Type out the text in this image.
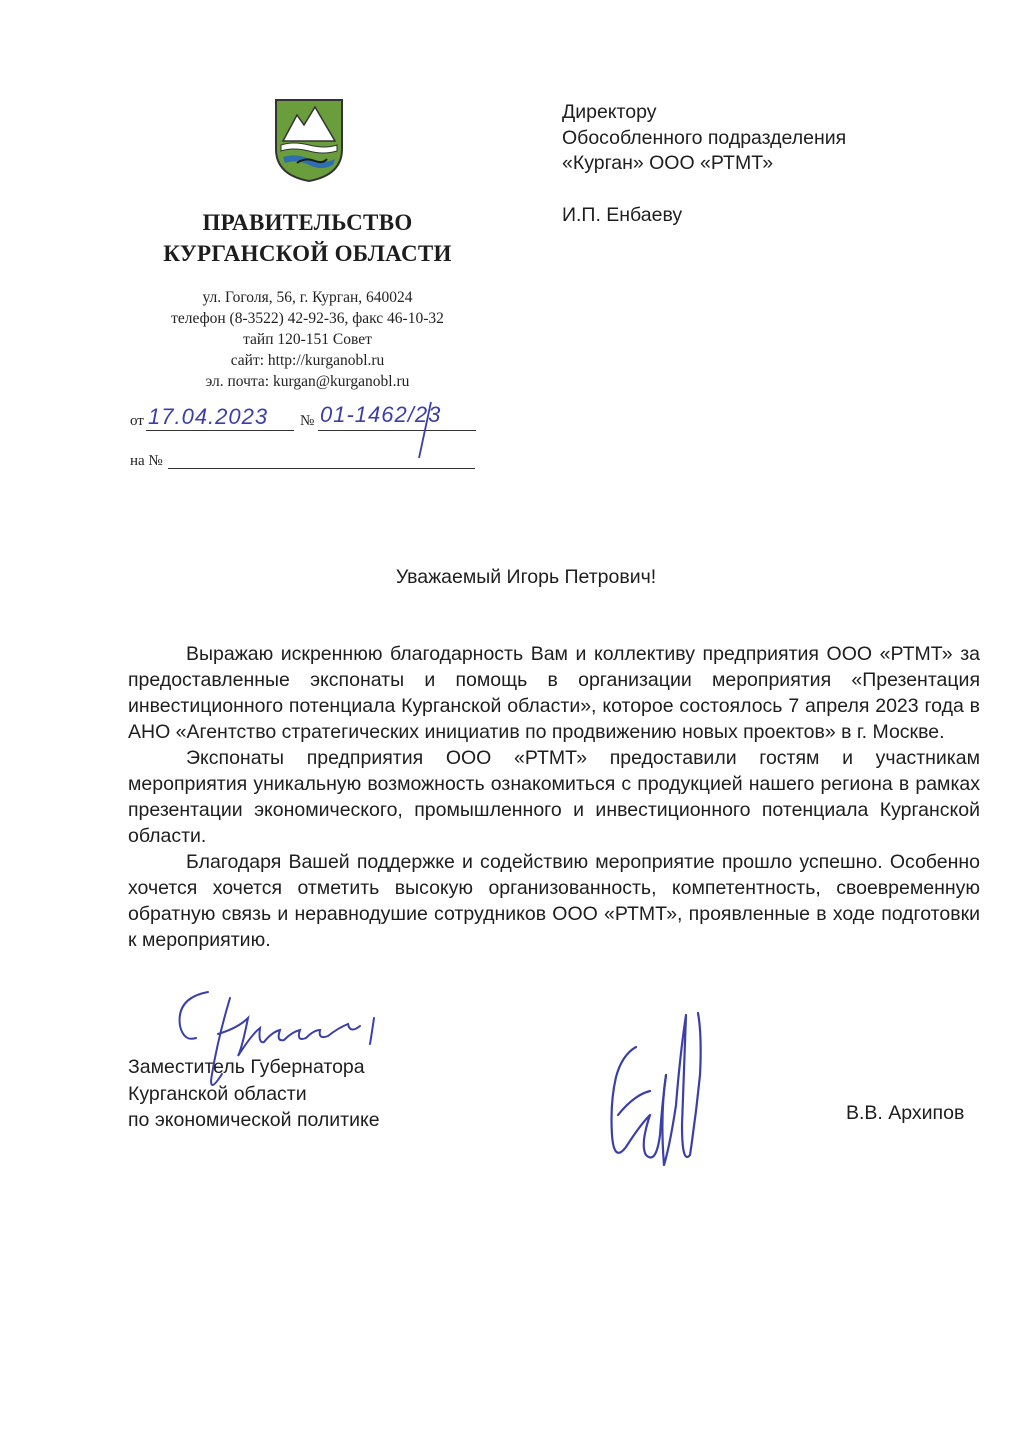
ПРАВИТЕЛЬСТВО
КУРГАНСКОЙ ОБЛАСТИ
ул. Гоголя, 56, г. Курган, 640024
телефон (8-3522) 42-92-36, факс 46-10-32
тайп 120-151 Совет
сайт: http://kurganobl.ru
эл. почта: kurgan@kurganobl.ru
от 17.04.2023 № 01-1462/23
на №
Директору
Обособленного подразделения
«Курган» ООО «РТМТ»
И.П. Енбаеву
Уважаемый Игорь Петрович!

Выражаю искреннюю благодарность Вам и коллективу предприятия ООО «РТМТ» за предоставленные экспонаты и помощь в организации мероприятия «Презентация инвестиционного потенциала Курганской области», которое состоялось 7 апреля 2023 года в АНО «Агентство стратегических инициатив по продвижению новых проектов» в г. Москве.

Экспонаты предприятия ООО «РТМТ» предоставили гостям и участникам мероприятия уникальную возможность ознакомиться с продукцией нашего региона в рамках презентации экономического, промышленного и инвестиционного потенциала Курганской области.

Благодаря Вашей поддержке и содействию мероприятие прошло успешно. Особенно хочется хочется отметить высокую организованность, компетентность, своевременную обратную связь и неравнодушие сотрудников ООО «РТМТ», проявленные в ходе подготовки к мероприятию.

Заместитель Губернатора
Курганской области
по экономической политике	В.В. Архипов
